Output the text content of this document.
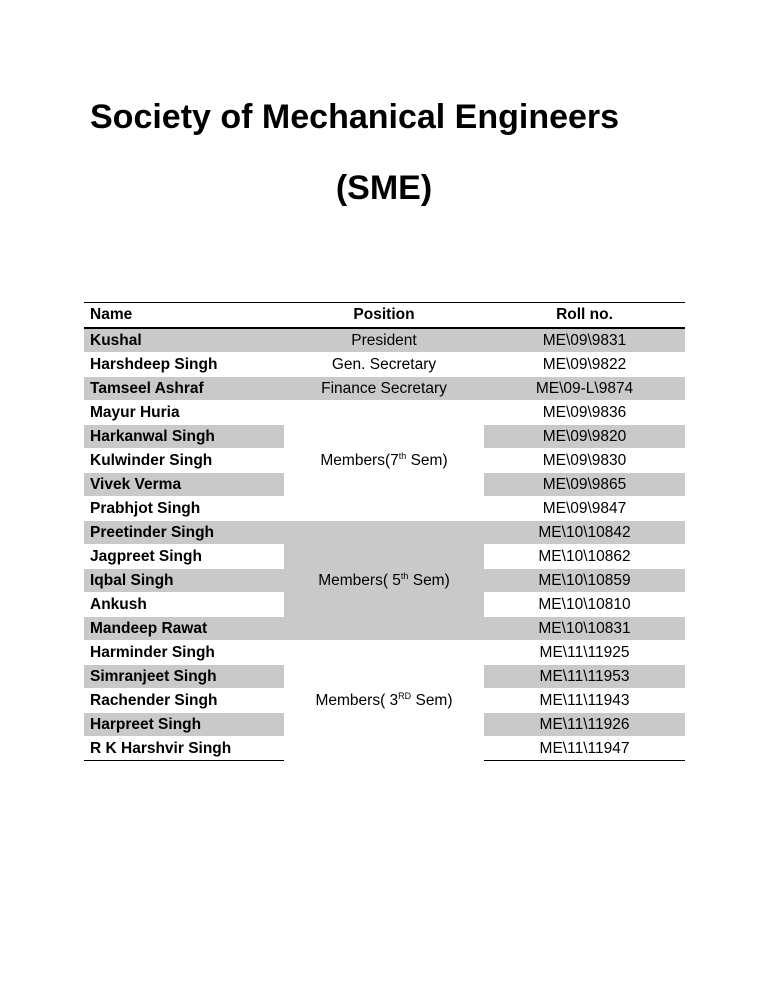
Society of Mechanical Engineers
(SME)
Name	Position	Roll no.
Kushal	President	ME\09\9831
Harshdeep Singh	Gen. Secretary	ME\09\9822
Tamseel Ashraf	Finance Secretary	ME\09-L\9874
Mayur Huria	Members(7th Sem)	ME\09\9836
Harkanwal Singh		ME\09\9820
Kulwinder Singh		ME\09\9830
Vivek Verma		ME\09\9865
Prabhjot Singh		ME\09\9847
Preetinder Singh	Members( 5th Sem)	ME\10\10842
Jagpreet Singh		ME\10\10862
Iqbal Singh		ME\10\10859
Ankush		ME\10\10810
Mandeep Rawat		ME\10\10831
Harminder Singh	Members( 3RD Sem)	ME\11\11925
Simranjeet Singh		ME\11\11953
Rachender Singh		ME\11\11943
Harpreet Singh		ME\11\11926
R K Harshvir Singh		ME\11\11947
